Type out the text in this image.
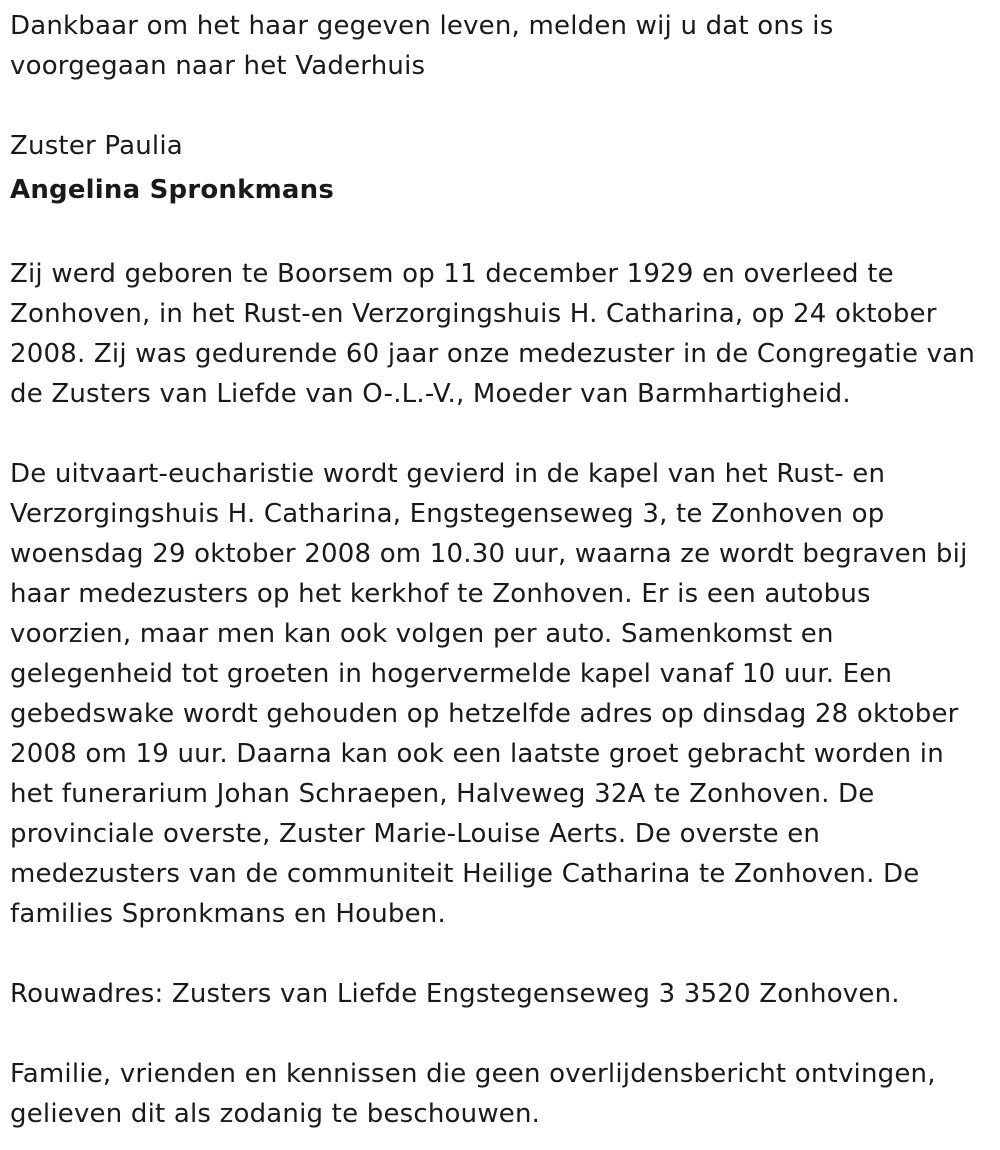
Dankbaar om het haar gegeven leven, melden wij u dat ons is voorgegaan naar het Vaderhuis

Zuster Paulia

Angelina Spronkmans

Zij werd geboren te Boorsem op 11 december 1929 en overleed te Zonhoven, in het Rust-en Verzorgingshuis H. Catharina, op 24 oktober 2008. Zij was gedurende 60 jaar onze medezuster in de Congregatie van de Zusters van Liefde van O-.L.-V., Moeder van Barmhartigheid.

De uitvaart-eucharistie wordt gevierd in de kapel van het Rust- en Verzorgingshuis H. Catharina, Engstegenseweg 3, te Zonhoven op woensdag 29 oktober 2008 om 10.30 uur, waarna ze wordt begraven bij haar medezusters op het kerkhof te Zonhoven. Er is een autobus voorzien, maar men kan ook volgen per auto. Samenkomst en gelegenheid tot groeten in hogervermelde kapel vanaf 10 uur. Een gebedswake wordt gehouden op hetzelfde adres op dinsdag 28 oktober 2008 om 19 uur. Daarna kan ook een laatste groet gebracht worden in het funerarium Johan Schraepen, Halveweg 32A te Zonhoven. De provinciale overste, Zuster Marie-Louise Aerts. De overste en medezusters van de communiteit Heilige Catharina te Zonhoven. De families Spronkmans en Houben.

Rouwadres: Zusters van Liefde Engstegenseweg 3 3520 Zonhoven.

Familie, vrienden en kennissen die geen overlijdensbericht ontvingen, gelieven dit als zodanig te beschouwen.
